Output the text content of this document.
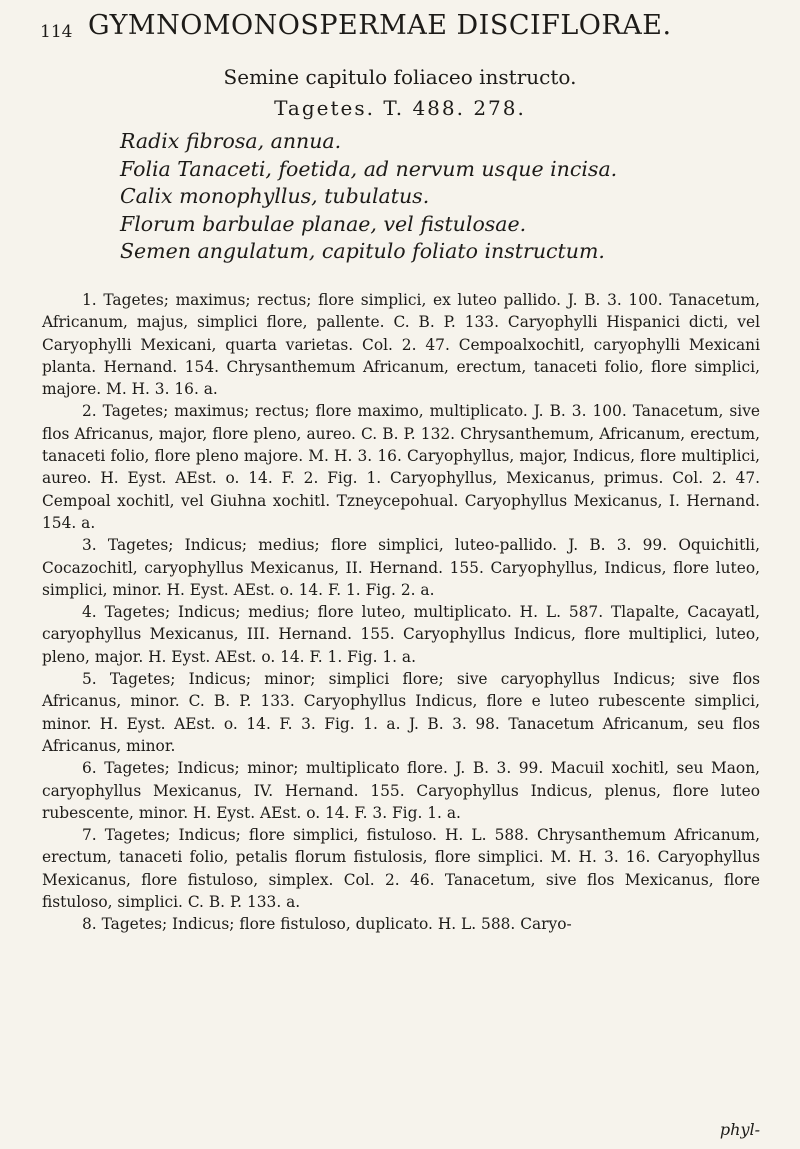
114 GYMNOMONOSPERMAE DISCIFLORAE.
Semine capitulo foliaceo instructo.
Tagetes. T. 488. 278.
Radix fibrosa, annua.
Folia Tanaceti, foetida, ad nervum usque incisa.
Calix monophyllus, tubulatus.
Florum barbulae planae, vel fistulosae.
Semen angulatum, capitulo foliato instructum.

1. Tagetes; maximus; rectus; flore simplici, ex luteo pallido. J. B. 3. 100. Tanacetum, Africanum, majus, simplici flore, pallente. C. B. P. 133. Caryophylli Hispanici dicti, vel Caryophylli Mexicani, quarta varietas. Col. 2. 47. Cempoalxochitl, caryophylli Mexicani planta. Hernand. 154. Chrysanthemum Africanum, erectum, tanaceti folio, flore simplici, majore. M. H. 3. 16. a.

2. Tagetes; maximus; rectus; flore maximo, multiplicato. J. B. 3. 100. Tanacetum, sive flos Africanus, major, flore pleno, aureo. C. B. P. 132. Chrysanthemum, Africanum, erectum, tanaceti folio, flore pleno majore. M. H. 3. 16. Caryophyllus, major, Indicus, flore multiplici, aureo. H. Eyst. AEst. o. 14. F. 2. Fig. 1. Caryophyllus, Mexicanus, primus. Col. 2. 47. Cempoal xochitl, vel Giuhna xochitl. Tzneycepohual. Caryophyllus Mexicanus, I. Hernand. 154. a.

3. Tagetes; Indicus; medius; flore simplici, luteo-pallido. J. B. 3. 99. Oquichitli, Cocazochitl, caryophyllus Mexicanus, II. Hernand. 155. Caryophyllus, Indicus, flore luteo, simplici, minor. H. Eyst. AEst. o. 14. F. 1. Fig. 2. a.

4. Tagetes; Indicus; medius; flore luteo, multiplicato. H. L. 587. Tlapalte, Cacayatl, caryophyllus Mexicanus, III. Hernand. 155. Caryophyllus Indicus, flore multiplici, luteo, pleno, major. H. Eyst. AEst. o. 14. F. 1. Fig. 1. a.

5. Tagetes; Indicus; minor; simplici flore; sive caryophyllus Indicus; sive flos Africanus, minor. C. B. P. 133. Caryophyllus Indicus, flore e luteo rubescente simplici, minor. H. Eyst. AEst. o. 14. F. 3. Fig. 1. a. J. B. 3. 98. Tanacetum Africanum, seu flos Africanus, minor.

6. Tagetes; Indicus; minor; multiplicato flore. J. B. 3. 99. Macuil xochitl, seu Maon, caryophyllus Mexicanus, IV. Hernand. 155. Caryophyllus Indicus, plenus, flore luteo rubescente, minor. H. Eyst. AEst. o. 14. F. 3. Fig. 1. a.

7. Tagetes; Indicus; flore simplici, fistuloso. H. L. 588. Chrysanthemum Africanum, erectum, tanaceti folio, petalis florum fistulosis, flore simplici. M. H. 3. 16. Caryophyllus Mexicanus, flore fistuloso, simplex. Col. 2. 46. Tanacetum, sive flos Mexicanus, flore fistuloso, simplici. C. B. P. 133. a.

8. Tagetes; Indicus; flore fistuloso, duplicato. H. L. 588. Caryo-

phyl-
